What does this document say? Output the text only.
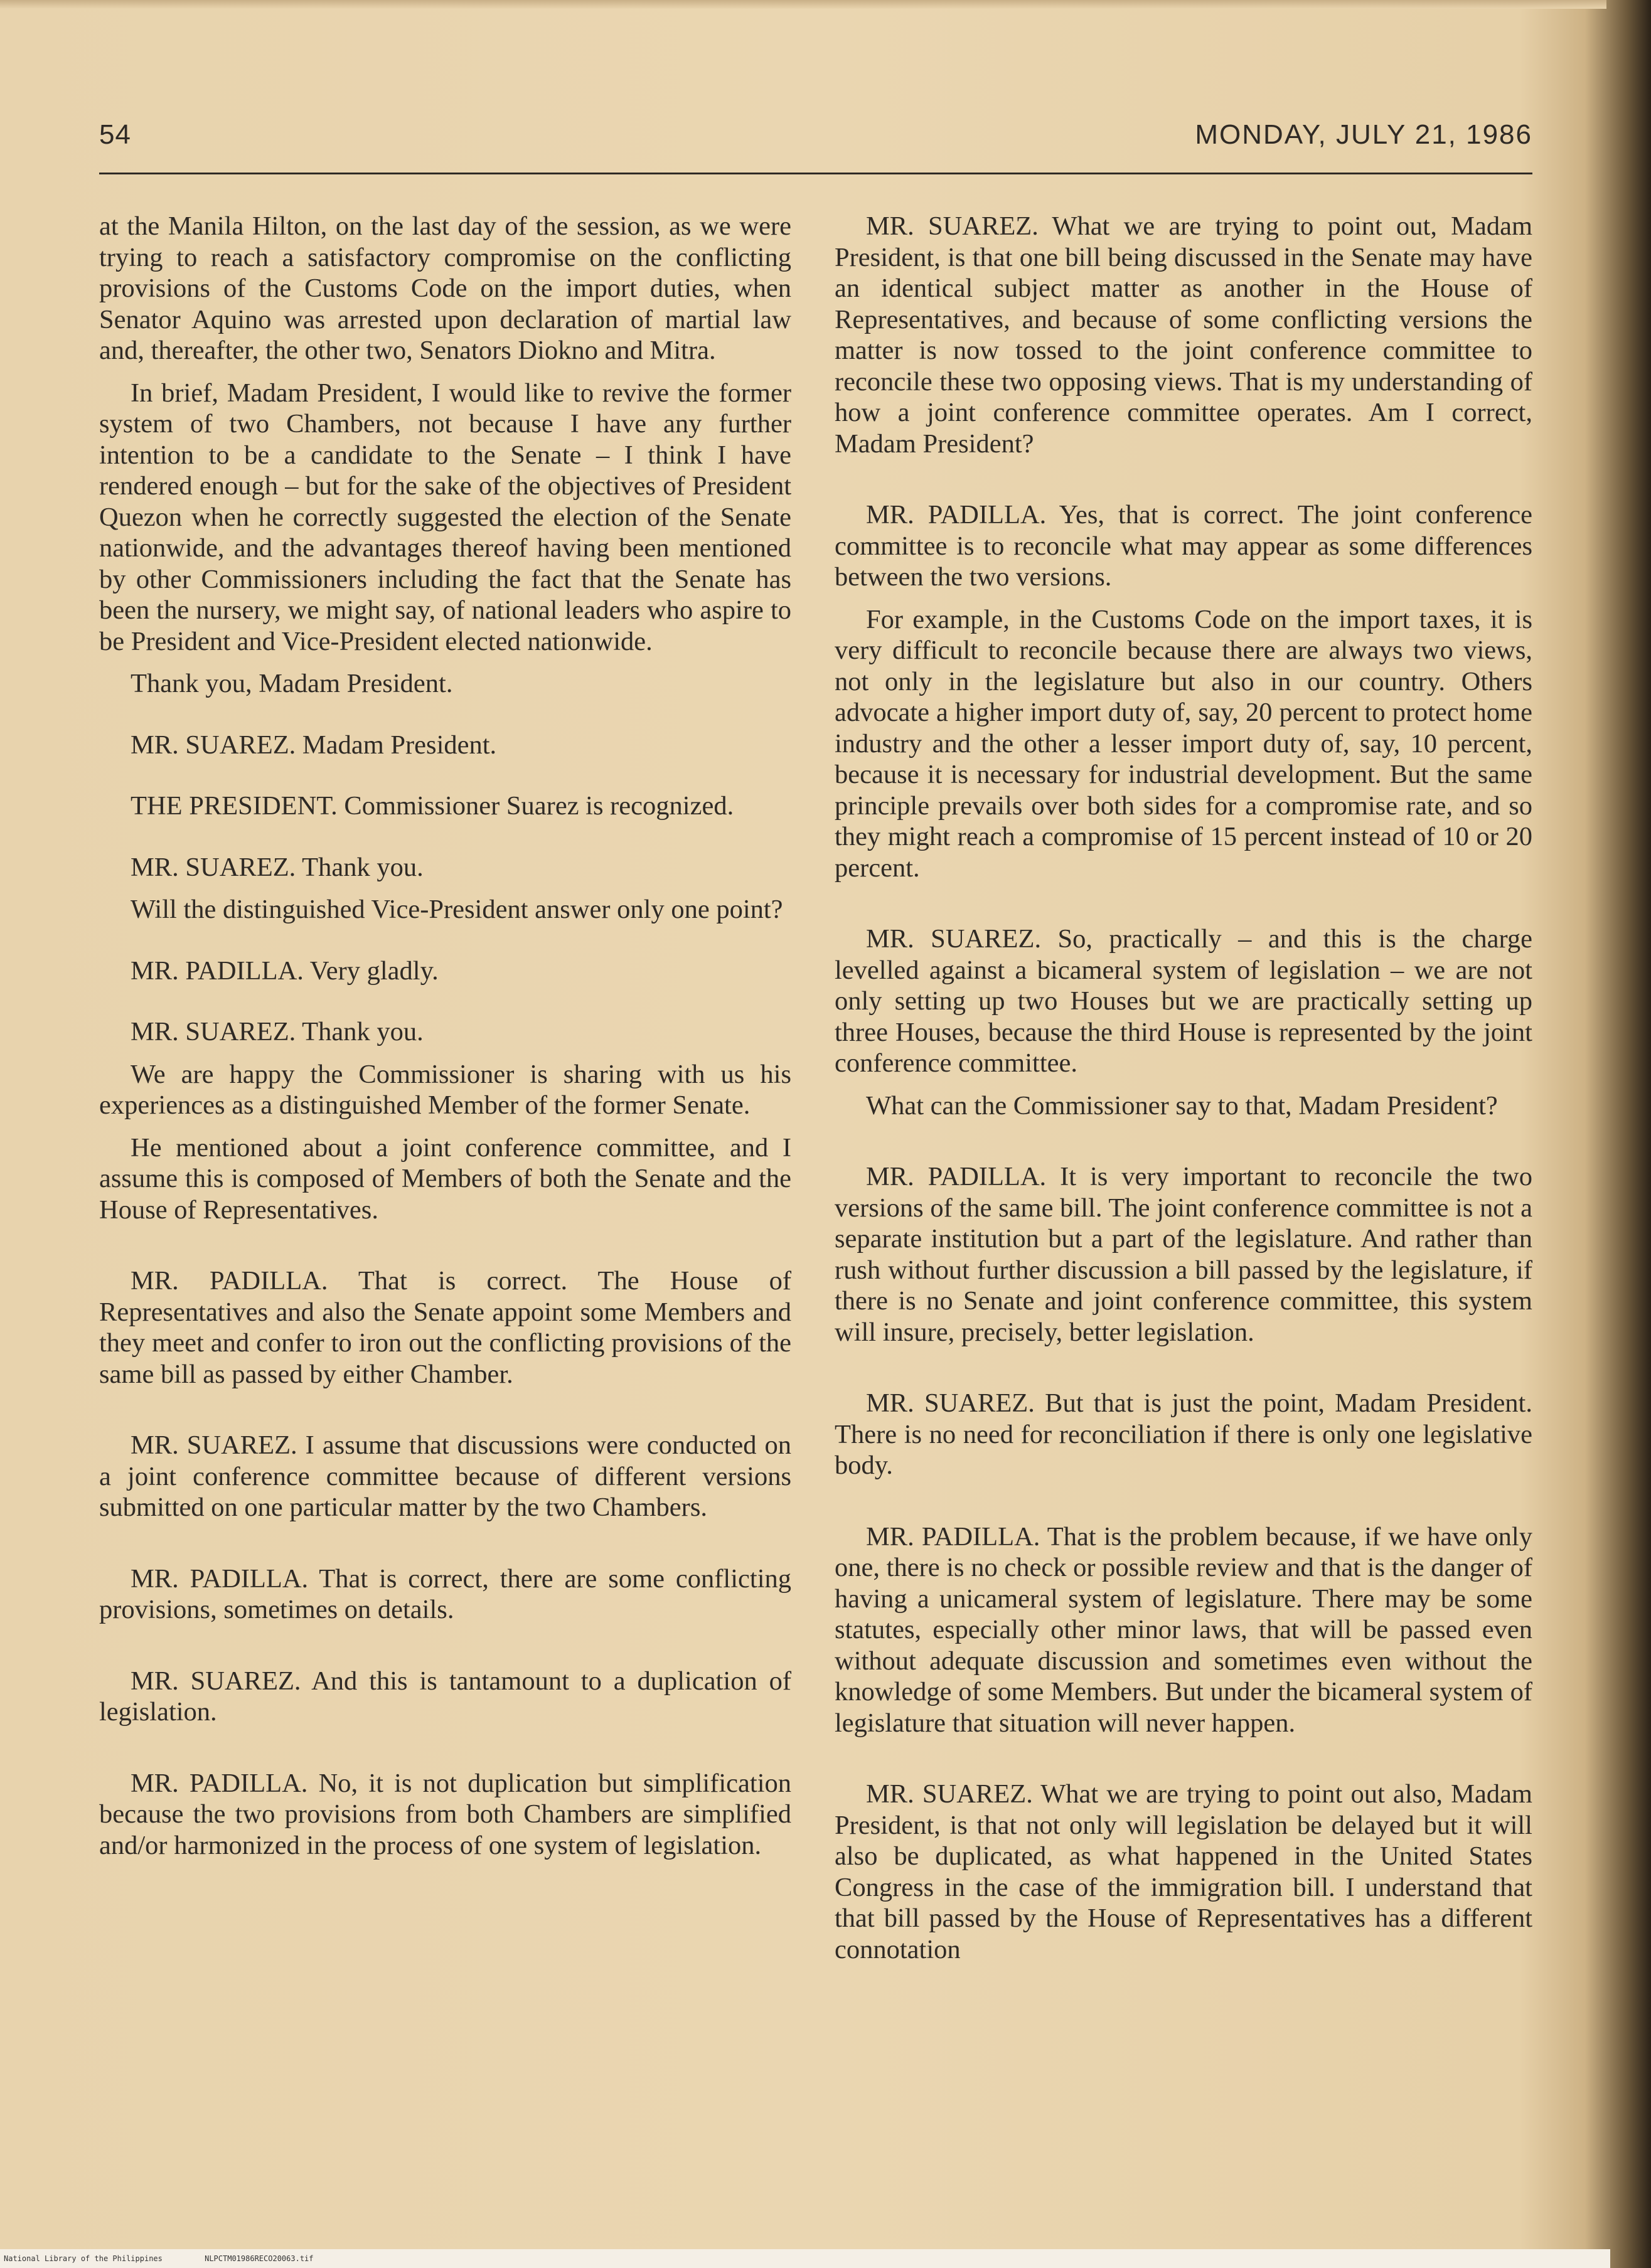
54	MONDAY, JULY 21, 1986

at the Manila Hilton, on the last day of the session, as we were trying to reach a satisfactory compromise on the conflicting provisions of the Customs Code on the import duties, when Senator Aquino was arrested upon declaration of martial law and, thereafter, the other two, Senators Diokno and Mitra.

In brief, Madam President, I would like to revive the former system of two Chambers, not because I have any further intention to be a candidate to the Senate – I think I have rendered enough – but for the sake of the objectives of President Quezon when he correctly suggested the election of the Senate nationwide, and the advantages thereof having been mentioned by other Commissioners including the fact that the Senate has been the nursery, we might say, of national leaders who aspire to be President and Vice-President elected nationwide.

Thank you, Madam President.

MR. SUAREZ. Madam President.

THE PRESIDENT. Commissioner Suarez is recognized.

MR. SUAREZ. Thank you.

Will the distinguished Vice-President answer only one point?

MR. PADILLA. Very gladly.

MR. SUAREZ. Thank you.

We are happy the Commissioner is sharing with us his experiences as a distinguished Member of the former Senate.

He mentioned about a joint conference committee, and I assume this is composed of Members of both the Senate and the House of Representatives.

MR. PADILLA. That is correct. The House of Representatives and also the Senate appoint some Members and they meet and confer to iron out the conflicting provisions of the same bill as passed by either Chamber.

MR. SUAREZ. I assume that discussions were conducted on a joint conference committee because of different versions submitted on one particular matter by the two Chambers.

MR. PADILLA. That is correct, there are some conflicting provisions, sometimes on details.

MR. SUAREZ. And this is tantamount to a duplication of legislation.

MR. PADILLA. No, it is not duplication but simplification because the two provisions from both Chambers are simplified and/or harmonized in the process of one system of legislation.

MR. SUAREZ. What we are trying to point out, Madam President, is that one bill being discussed in the Senate may have an identical subject matter as another in the House of Representatives, and because of some conflicting versions the matter is now tossed to the joint conference committee to reconcile these two opposing views. That is my understanding of how a joint conference committee operates. Am I correct, Madam President?

MR. PADILLA. Yes, that is correct. The joint conference committee is to reconcile what may appear as some differences between the two versions.

For example, in the Customs Code on the import taxes, it is very difficult to reconcile because there are always two views, not only in the legislature but also in our country. Others advocate a higher import duty of, say, 20 percent to protect home industry and the other a lesser import duty of, say, 10 percent, because it is necessary for industrial development. But the same principle prevails over both sides for a compromise rate, and so they might reach a compromise of 15 percent instead of 10 or 20 percent.

MR. SUAREZ. So, practically – and this is the charge levelled against a bicameral system of legislation – we are not only setting up two Houses but we are practically setting up three Houses, because the third House is represented by the joint conference committee.

What can the Commissioner say to that, Madam President?

MR. PADILLA. It is very important to reconcile the two versions of the same bill. The joint conference committee is not a separate institution but a part of the legislature. And rather than rush without further discussion a bill passed by the legislature, if there is no Senate and joint conference committee, this system will insure, precisely, better legislation.

MR. SUAREZ. But that is just the point, Madam President. There is no need for reconciliation if there is only one legislative body.

MR. PADILLA. That is the problem because, if we have only one, there is no check or possible review and that is the danger of having a unicameral system of legislature. There may be some statutes, especially other minor laws, that will be passed even without adequate discussion and sometimes even without the knowledge of some Members. But under the bicameral system of legislature that situation will never happen.

MR. SUAREZ. What we are trying to point out also, Madam President, is that not only will legislation be delayed but it will also be duplicated, as what happened in the United States Congress in the case of the immigration bill. I understand that that bill passed by the House of Representatives has a different connotation

National Library of the Philippines	NLPCTM01986RECO20063.tif
